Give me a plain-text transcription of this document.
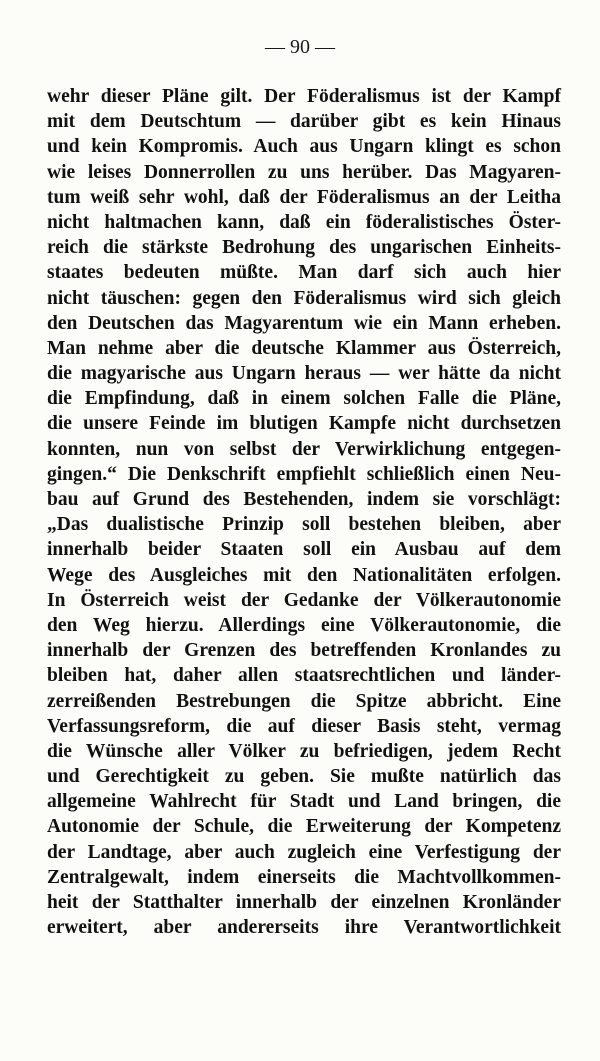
— 90 —
wehr dieser Pläne gilt. Der Föderalismus ist der Kampf
mit dem Deutschtum — darüber gibt es kein Hinaus
und kein Kompromis. Auch aus Ungarn klingt es schon
wie leises Donnerrollen zu uns herüber. Das Magyaren-
tum weiß sehr wohl, daß der Föderalismus an der Leitha
nicht haltmachen kann, daß ein föderalistisches Öster-
reich die stärkste Bedrohung des ungarischen Einheits-
staates bedeuten müßte. Man darf sich auch hier
nicht täuschen: gegen den Föderalismus wird sich gleich
den Deutschen das Magyarentum wie ein Mann erheben.
Man nehme aber die deutsche Klammer aus Österreich,
die magyarische aus Ungarn heraus — wer hätte da nicht
die Empfindung, daß in einem solchen Falle die Pläne,
die unsere Feinde im blutigen Kampfe nicht durchsetzen
konnten, nun von selbst der Verwirklichung entgegen-
gingen.“ Die Denkschrift empfiehlt schließlich einen Neu-
bau auf Grund des Bestehenden, indem sie vorschlägt:
„Das dualistische Prinzip soll bestehen bleiben, aber
innerhalb beider Staaten soll ein Ausbau auf dem
Wege des Ausgleiches mit den Nationalitäten erfolgen.
In Österreich weist der Gedanke der Völkerautonomie
den Weg hierzu. Allerdings eine Völkerautonomie, die
innerhalb der Grenzen des betreffenden Kronlandes zu
bleiben hat, daher allen staatsrechtlichen und länder-
zerreißenden Bestrebungen die Spitze abbricht. Eine
Verfassungsreform, die auf dieser Basis steht, vermag
die Wünsche aller Völker zu befriedigen, jedem Recht
und Gerechtigkeit zu geben. Sie mußte natürlich das
allgemeine Wahlrecht für Stadt und Land bringen, die
Autonomie der Schule, die Erweiterung der Kompetenz
der Landtage, aber auch zugleich eine Verfestigung der
Zentralgewalt, indem einerseits die Machtvollkommen-
heit der Statthalter innerhalb der einzelnen Kronländer
erweitert, aber andererseits ihre Verantwortlichkeit
